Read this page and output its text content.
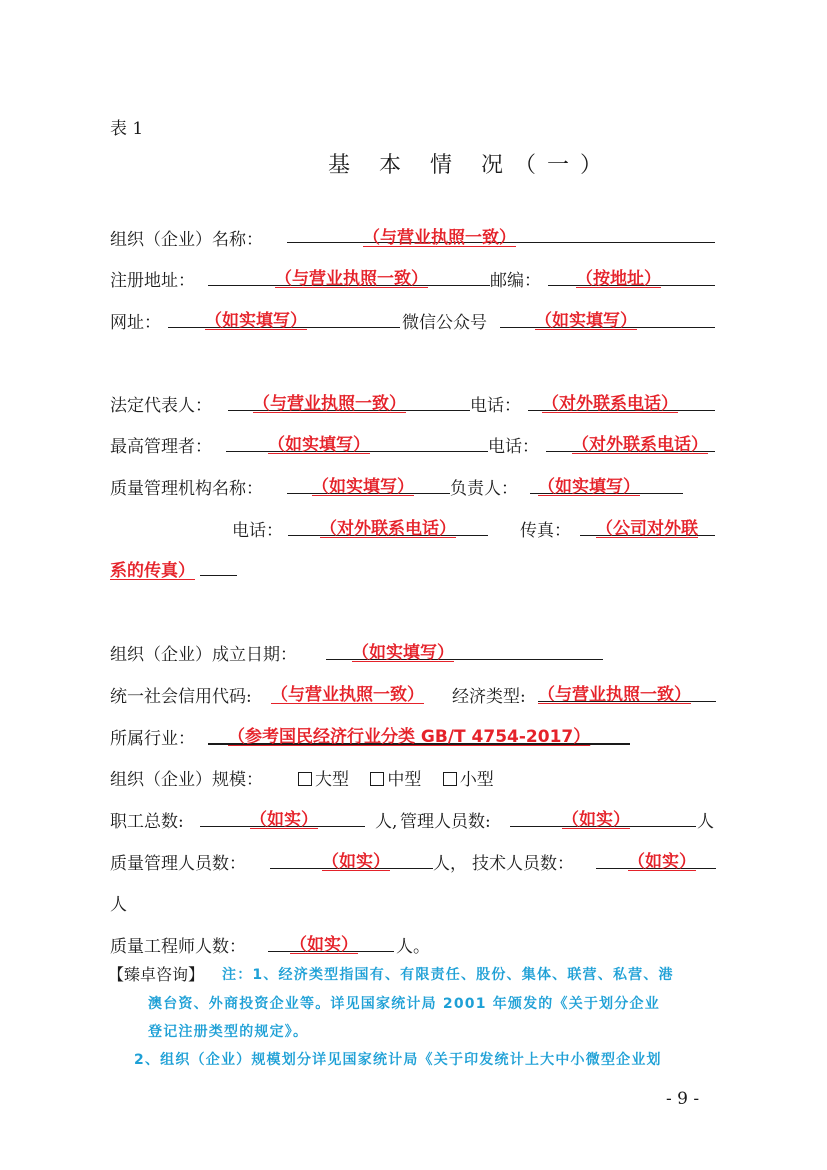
表 1
基 本 情 况（一）
组织（企业）名称：	（与营业执照一致）
注册地址：	（与营业执照一致）	邮编： （按地址）
网址：	（如实填写）	微信公众号	（如实填写）
法定代表人： （与营业执照一致）	电话： （对外联系电话）
最高管理者：	（如实填写）	电话： （对外联系电话）
质量管理机构名称：	（如实填写） 负责人： （如实填写）
电话： （对外联系电话）	传真： （公司对外联
系的传真）
组织（企业）成立日期：	（如实填写）
统一社会信用代码: （与营业执照一致） 经济类型: （与营业执照一致）
所属行业： （参考国民经济行业分类 GB/T 4754-2017）
组织（企业）规模：	大型 中型 小型
职工总数:	（如实）	人, 管理人员数:	（如实）	人
质量管理人员数：	（如实）	人， 技术人员数：	（如实）
人
质量工程师人数：	（如实） 人。
【臻卓咨询】 注：1、经济类型指国有、有限责任、股份、集体、联营、私营、港
澳台资、外商投资企业等。详见国家统计局 2001 年颁发的《关于划分企业
登记注册类型的规定》。
2、组织（企业）规模划分详见国家统计局《关于印发统计上大中小微型企业划
- 9 -
